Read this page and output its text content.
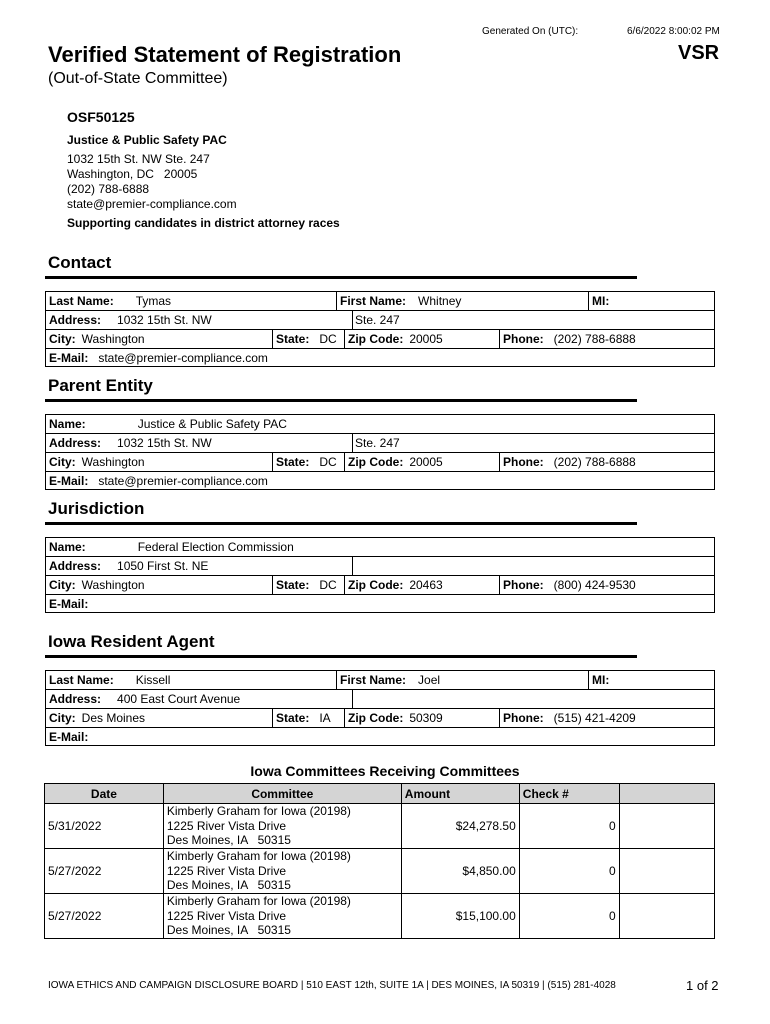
Generated On (UTC):	6/6/2022 8:00:02 PM
Verified Statement of Registration
(Out-of-State Committee)
VSR
OSF50125
Justice & Public Safety PAC
1032 15th St. NW Ste. 247
Washington, DC   20005
(202) 788-6888
state@premier-compliance.com
Supporting candidates in district attorney races
Contact
Last Name: Tymas	First Name: Whitney	MI:
Address: 1032 15th St. NW	Ste. 247
City: Washington	State: DC Zip Code: 20005	Phone: (202) 788-6888
E-Mail: state@premier-compliance.com
Parent Entity
Name:	Justice & Public Safety PAC
Address: 1032 15th St. NW	Ste. 247
City: Washington	State: DC Zip Code: 20005	Phone: (202) 788-6888
E-Mail: state@premier-compliance.com
Jurisdiction
Name:	Federal Election Commission
Address: 1050 First St. NE
City: Washington	State: DC Zip Code: 20463	Phone: (800) 424-9530
E-Mail:
Iowa Resident Agent
Last Name: Kissell	First Name: Joel	MI:
Address: 400 East Court Avenue
City: Des Moines	State: IA	Zip Code: 50309	Phone: (515) 421-4209
E-Mail:
Iowa Committees Receiving Committees
Date	Committee	Amount	Check #	
5/31/2022	Kimberly Graham for Iowa (20198)
1225 River Vista Drive
Des Moines, IA   50315	$24,278.50	0	
5/27/2022	Kimberly Graham for Iowa (20198)
1225 River Vista Drive
Des Moines, IA   50315	$4,850.00	0	
5/27/2022	Kimberly Graham for Iowa (20198)
1225 River Vista Drive
Des Moines, IA   50315	$15,100.00	0	
IOWA ETHICS AND CAMPAIGN DISCLOSURE BOARD | 510 EAST 12th, SUITE 1A | DES MOINES, IA 50319 | (515) 281-4028	1 of 2
